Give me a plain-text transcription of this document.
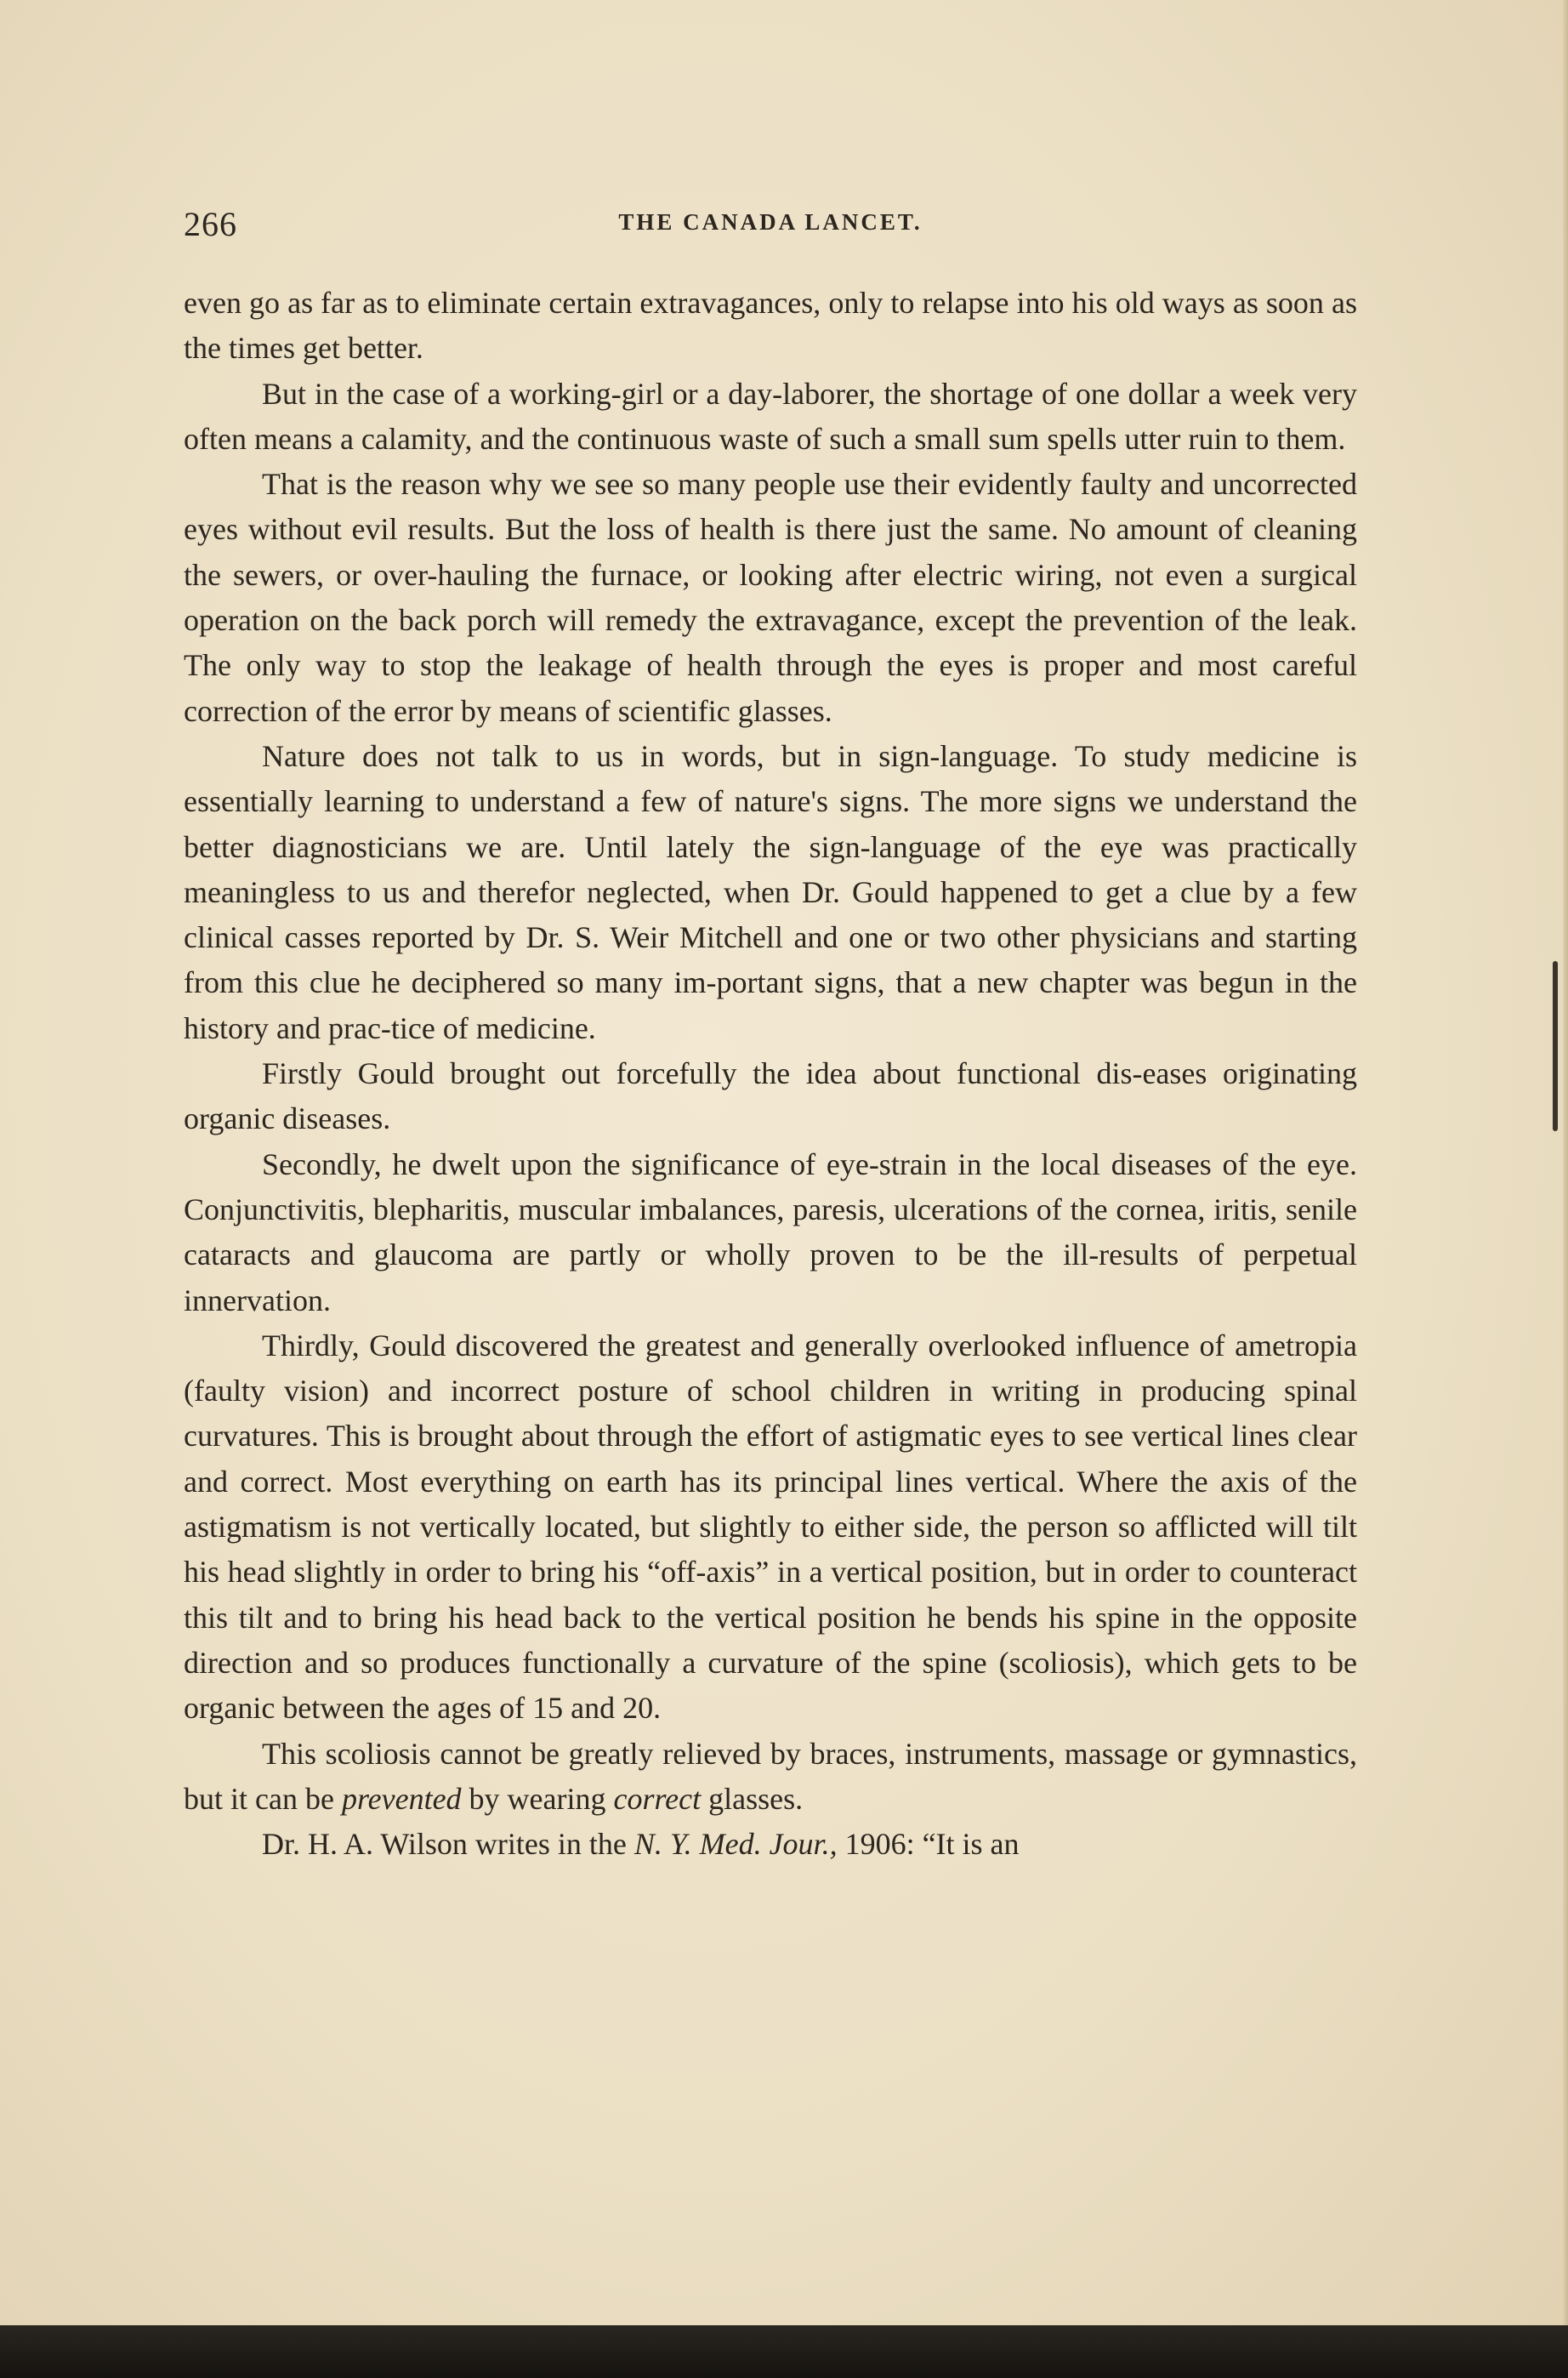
266	THE CANADA LANCET.

even go as far as to eliminate certain extravagances, only to relapse into his old ways as soon as the times get better.

But in the case of a working-girl or a day-laborer, the shortage of one dollar a week very often means a calamity, and the continuous waste of such a small sum spells utter ruin to them.

That is the reason why we see so many people use their evidently faulty and uncorrected eyes without evil results. But the loss of health is there just the same. No amount of cleaning the sewers, or over-hauling the furnace, or looking after electric wiring, not even a surgical operation on the back porch will remedy the extravagance, except the prevention of the leak. The only way to stop the leakage of health through the eyes is proper and most careful correction of the error by means of scientific glasses.

Nature does not talk to us in words, but in sign-language. To study medicine is essentially learning to understand a few of nature's signs. The more signs we understand the better diagnosticians we are. Until lately the sign-language of the eye was practically meaningless to us and therefor neglected, when Dr. Gould happened to get a clue by a few clinical casses reported by Dr. S. Weir Mitchell and one or two other physicians and starting from this clue he deciphered so many im-portant signs, that a new chapter was begun in the history and prac-tice of medicine.

Firstly Gould brought out forcefully the idea about functional dis-eases originating organic diseases.

Secondly, he dwelt upon the significance of eye-strain in the local diseases of the eye. Conjunctivitis, blepharitis, muscular imbalances, paresis, ulcerations of the cornea, iritis, senile cataracts and glaucoma are partly or wholly proven to be the ill-results of perpetual innervation.

Thirdly, Gould discovered the greatest and generally overlooked influence of ametropia (faulty vision) and incorrect posture of school children in writing in producing spinal curvatures. This is brought about through the effort of astigmatic eyes to see vertical lines clear and correct. Most everything on earth has its principal lines vertical. Where the axis of the astigmatism is not vertically located, but slightly to either side, the person so afflicted will tilt his head slightly in order to bring his “off-axis” in a vertical position, but in order to counteract this tilt and to bring his head back to the vertical position he bends his spine in the opposite direction and so produces functionally a curvature of the spine (scoliosis), which gets to be organic between the ages of 15 and 20.

This scoliosis cannot be greatly relieved by braces, instruments, massage or gymnastics, but it can be prevented by wearing correct glasses.

Dr. H. A. Wilson writes in the N. Y. Med. Jour., 1906: “It is an
